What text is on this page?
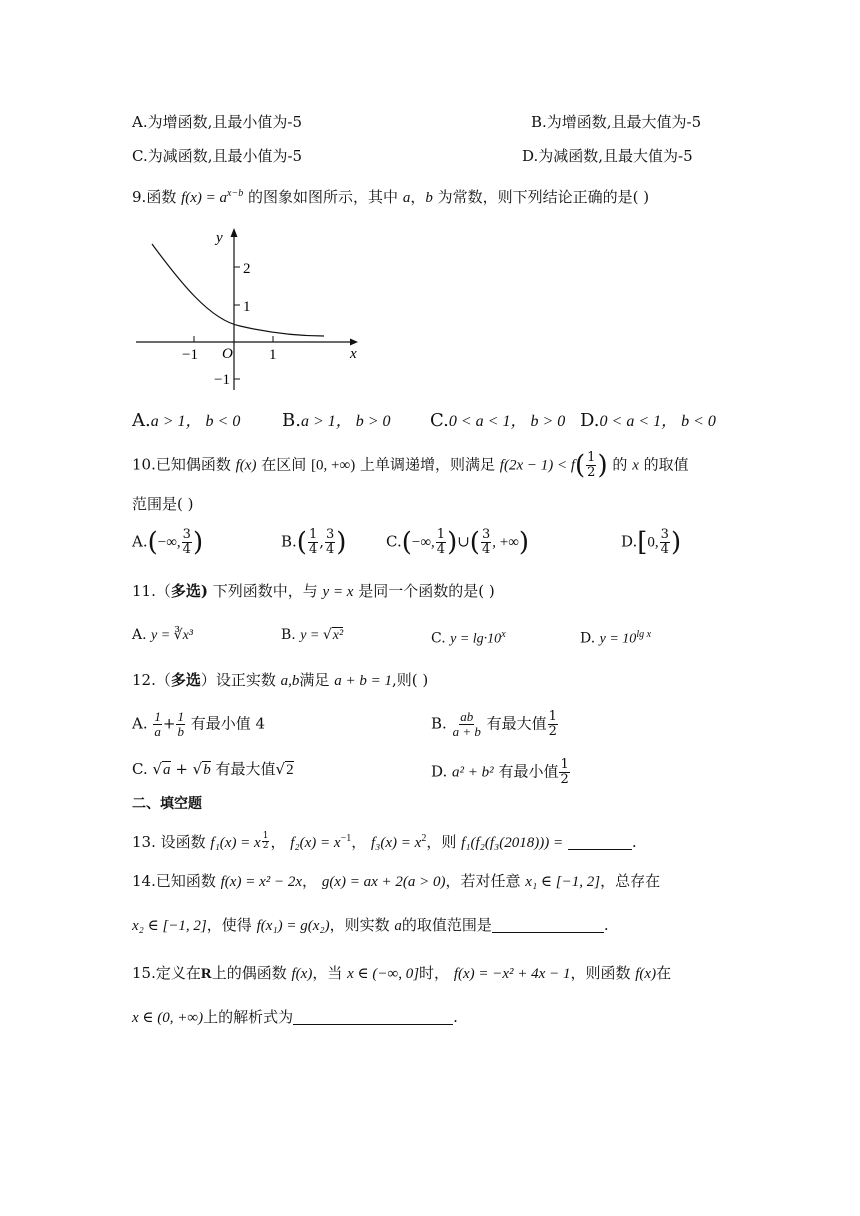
A.为增函数,且最小值为-5	B.为增函数,且最大值为-5
C.为减函数,且最小值为-5	D.为减函数,且最大值为-5
9.函数 $f(x) = a^{x-b}$ 的图象如图所示，其中 a，b 为常数，则下列结论正确的是( )
y
x
O
2
1
−1
−1	1
A.a > 1， b < 0 B.a > 1， b > 0 C.0 < a < 1， b > 0 D.0 < a < 1， b < 0
10.已知偶函数 f(x) 在区间 [0, +∞) 上单调递增，则满足 $f(2x - 1) < f( \frac{1}{2}$ ) 的 x 的取值
范围是( )
A.(−∞, $\frac{3}{4}$ )	$B.( \frac{1}{4}$ , $\frac{3}{4}$ )	C.(−∞, $\frac{1}{4}$ )∪( $\frac{3}{4}$ , +∞)	D.[0, $\frac{3}{4}$ )
11.（多选) 下列函数中，与 y = x 是同一个函数的是( )
A. y = ∛x³	B. y = √x²	C. $y = \lg\cdot 10^x$	D. $y = 10^{lg x}$
12.（多选）设正实数 a,b满足 a + b = 1,则( )
A. $\frac{1}{a} + \frac{1}{b}$ 有最小值 4	B. $\frac{ab}{a + b}$ 有最大值 $\frac{1}{2}$
C. √a + √b 有最大值√2	D. a² + b² 有最小值 $\frac{1}{2}$
二、填空题
13. 设函数 f₁(x) = x $^{\frac{1}{2}}$ ， $f_2(x) = x^{-1}$， $f_3(x) = x^2$，则 f₁(f₂(f₃(2018))) =	.
14.已知函数 f(x) = x² − 2x， g(x) = ax + 2(a > 0)，若对任意 x₁ ∈ [−1, 2]，总存在
x₂ ∈ [−1, 2]，使得 f(x₁) = g(x₂)，则实数 a的取值范围是	.
15.定义在R上的偶函数 f(x)，当 x ∈ (−∞, 0]时， f(x) = −x² + 4x − 1，则函数 f(x)在
x ∈ (0, +∞)上的解析式为	.
